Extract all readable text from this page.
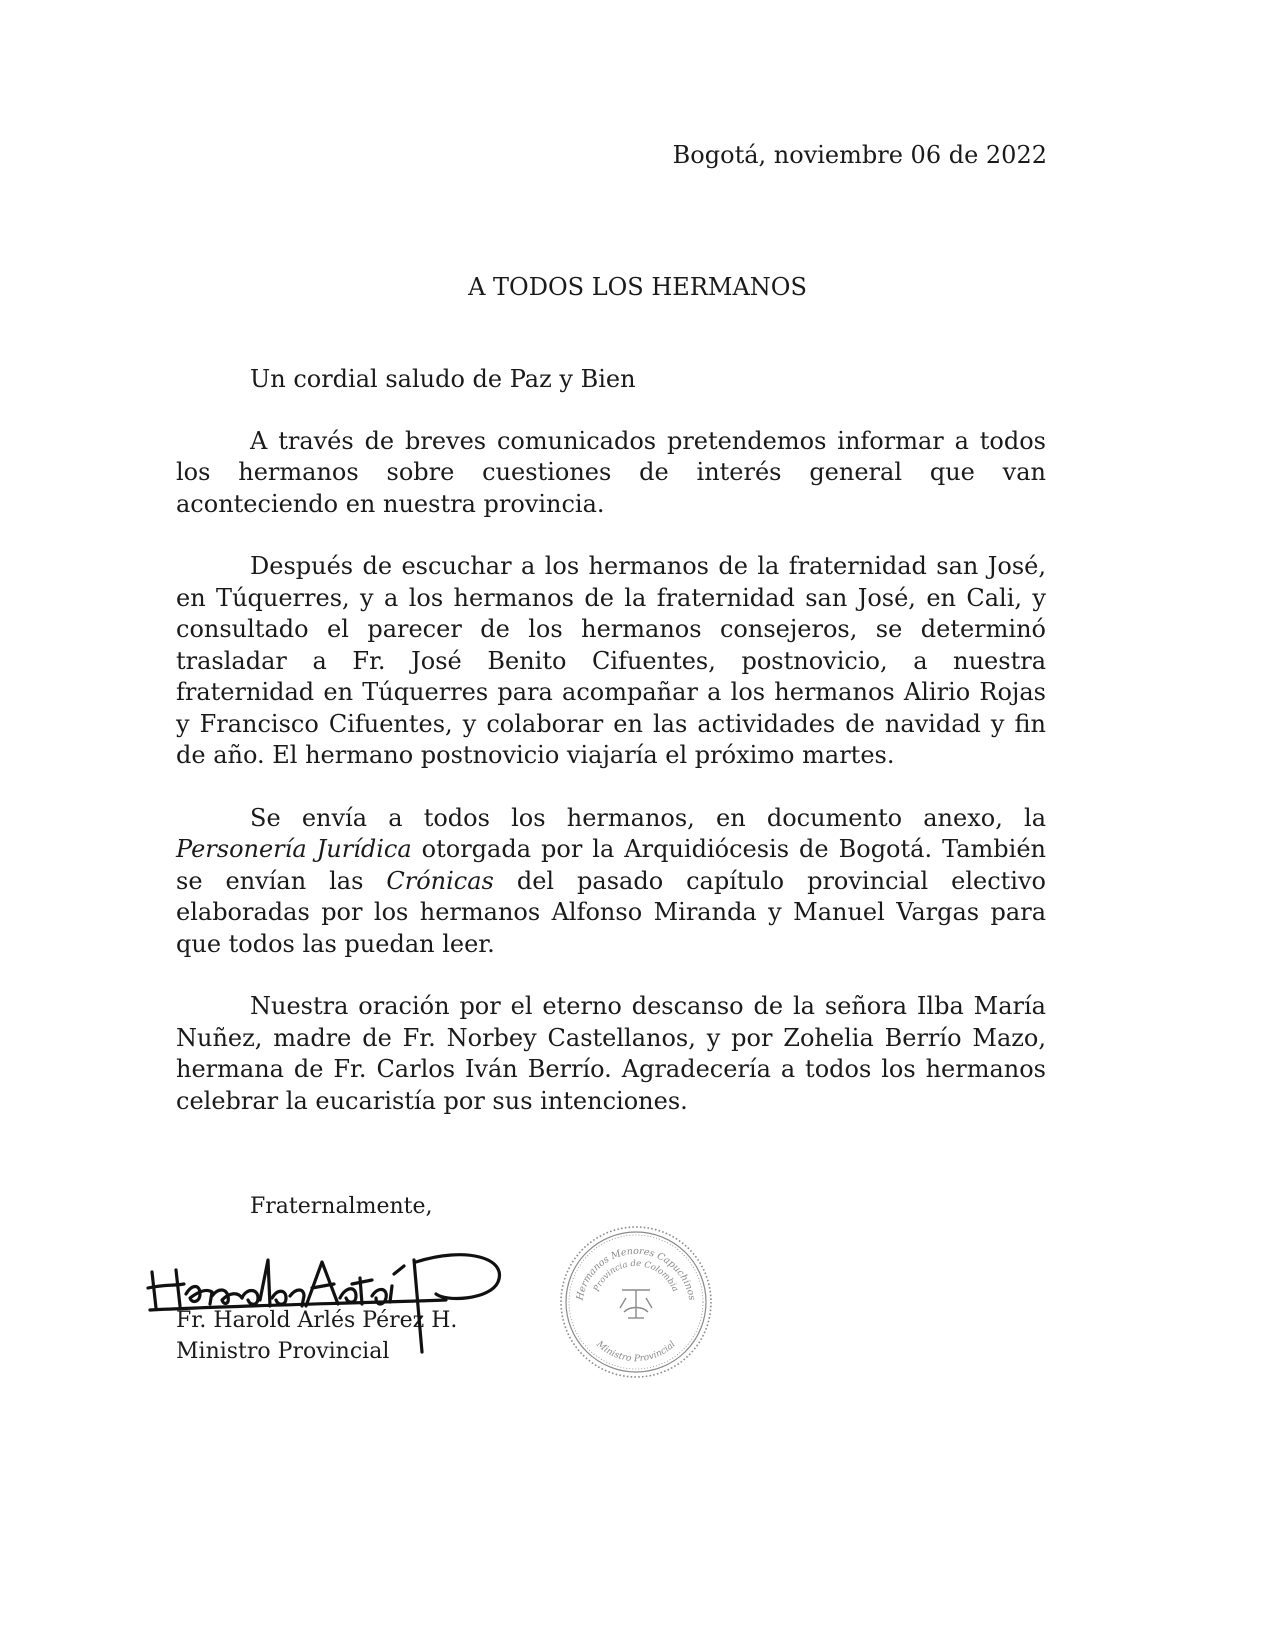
Bogotá, noviembre 06 de 2022
A TODOS LOS HERMANOS

Un cordial saludo de Paz y Bien

A través de breves comunicados pretendemos informar a todos los hermanos sobre cuestiones de interés general que van aconteciendo en nuestra provincia.

Después de escuchar a los hermanos de la fraternidad san José, en Túquerres, y a los hermanos de la fraternidad san José, en Cali, y consultado el parecer de los hermanos consejeros, se determinó trasladar a Fr. José Benito Cifuentes, postnovicio, a nuestra fraternidad en Túquerres para acompañar a los hermanos Alirio Rojas y Francisco Cifuentes, y colaborar en las actividades de navidad y fin de año. El hermano postnovicio viajaría el próximo martes.

Se envía a todos los hermanos, en documento anexo, la Personería Jurídica otorgada por la Arquidiócesis de Bogotá. También se envían las Crónicas del pasado capítulo provincial electivo elaboradas por los hermanos Alfonso Miranda y Manuel Vargas para que todos las puedan leer.

Nuestra oración por el eterno descanso de la señora Ilba María Nuñez, madre de Fr. Norbey Castellanos, y por Zohelia Berrío Mazo, hermana de Fr. Carlos Iván Berrío. Agradecería a todos los hermanos celebrar la eucaristía por sus intenciones.

Fraternalmente,
Fr. Harold Arlés Pérez H.
Ministro Provincial
Hermanos Menores Capuchinos
Provincia de Colombia
Ministro Provincial
